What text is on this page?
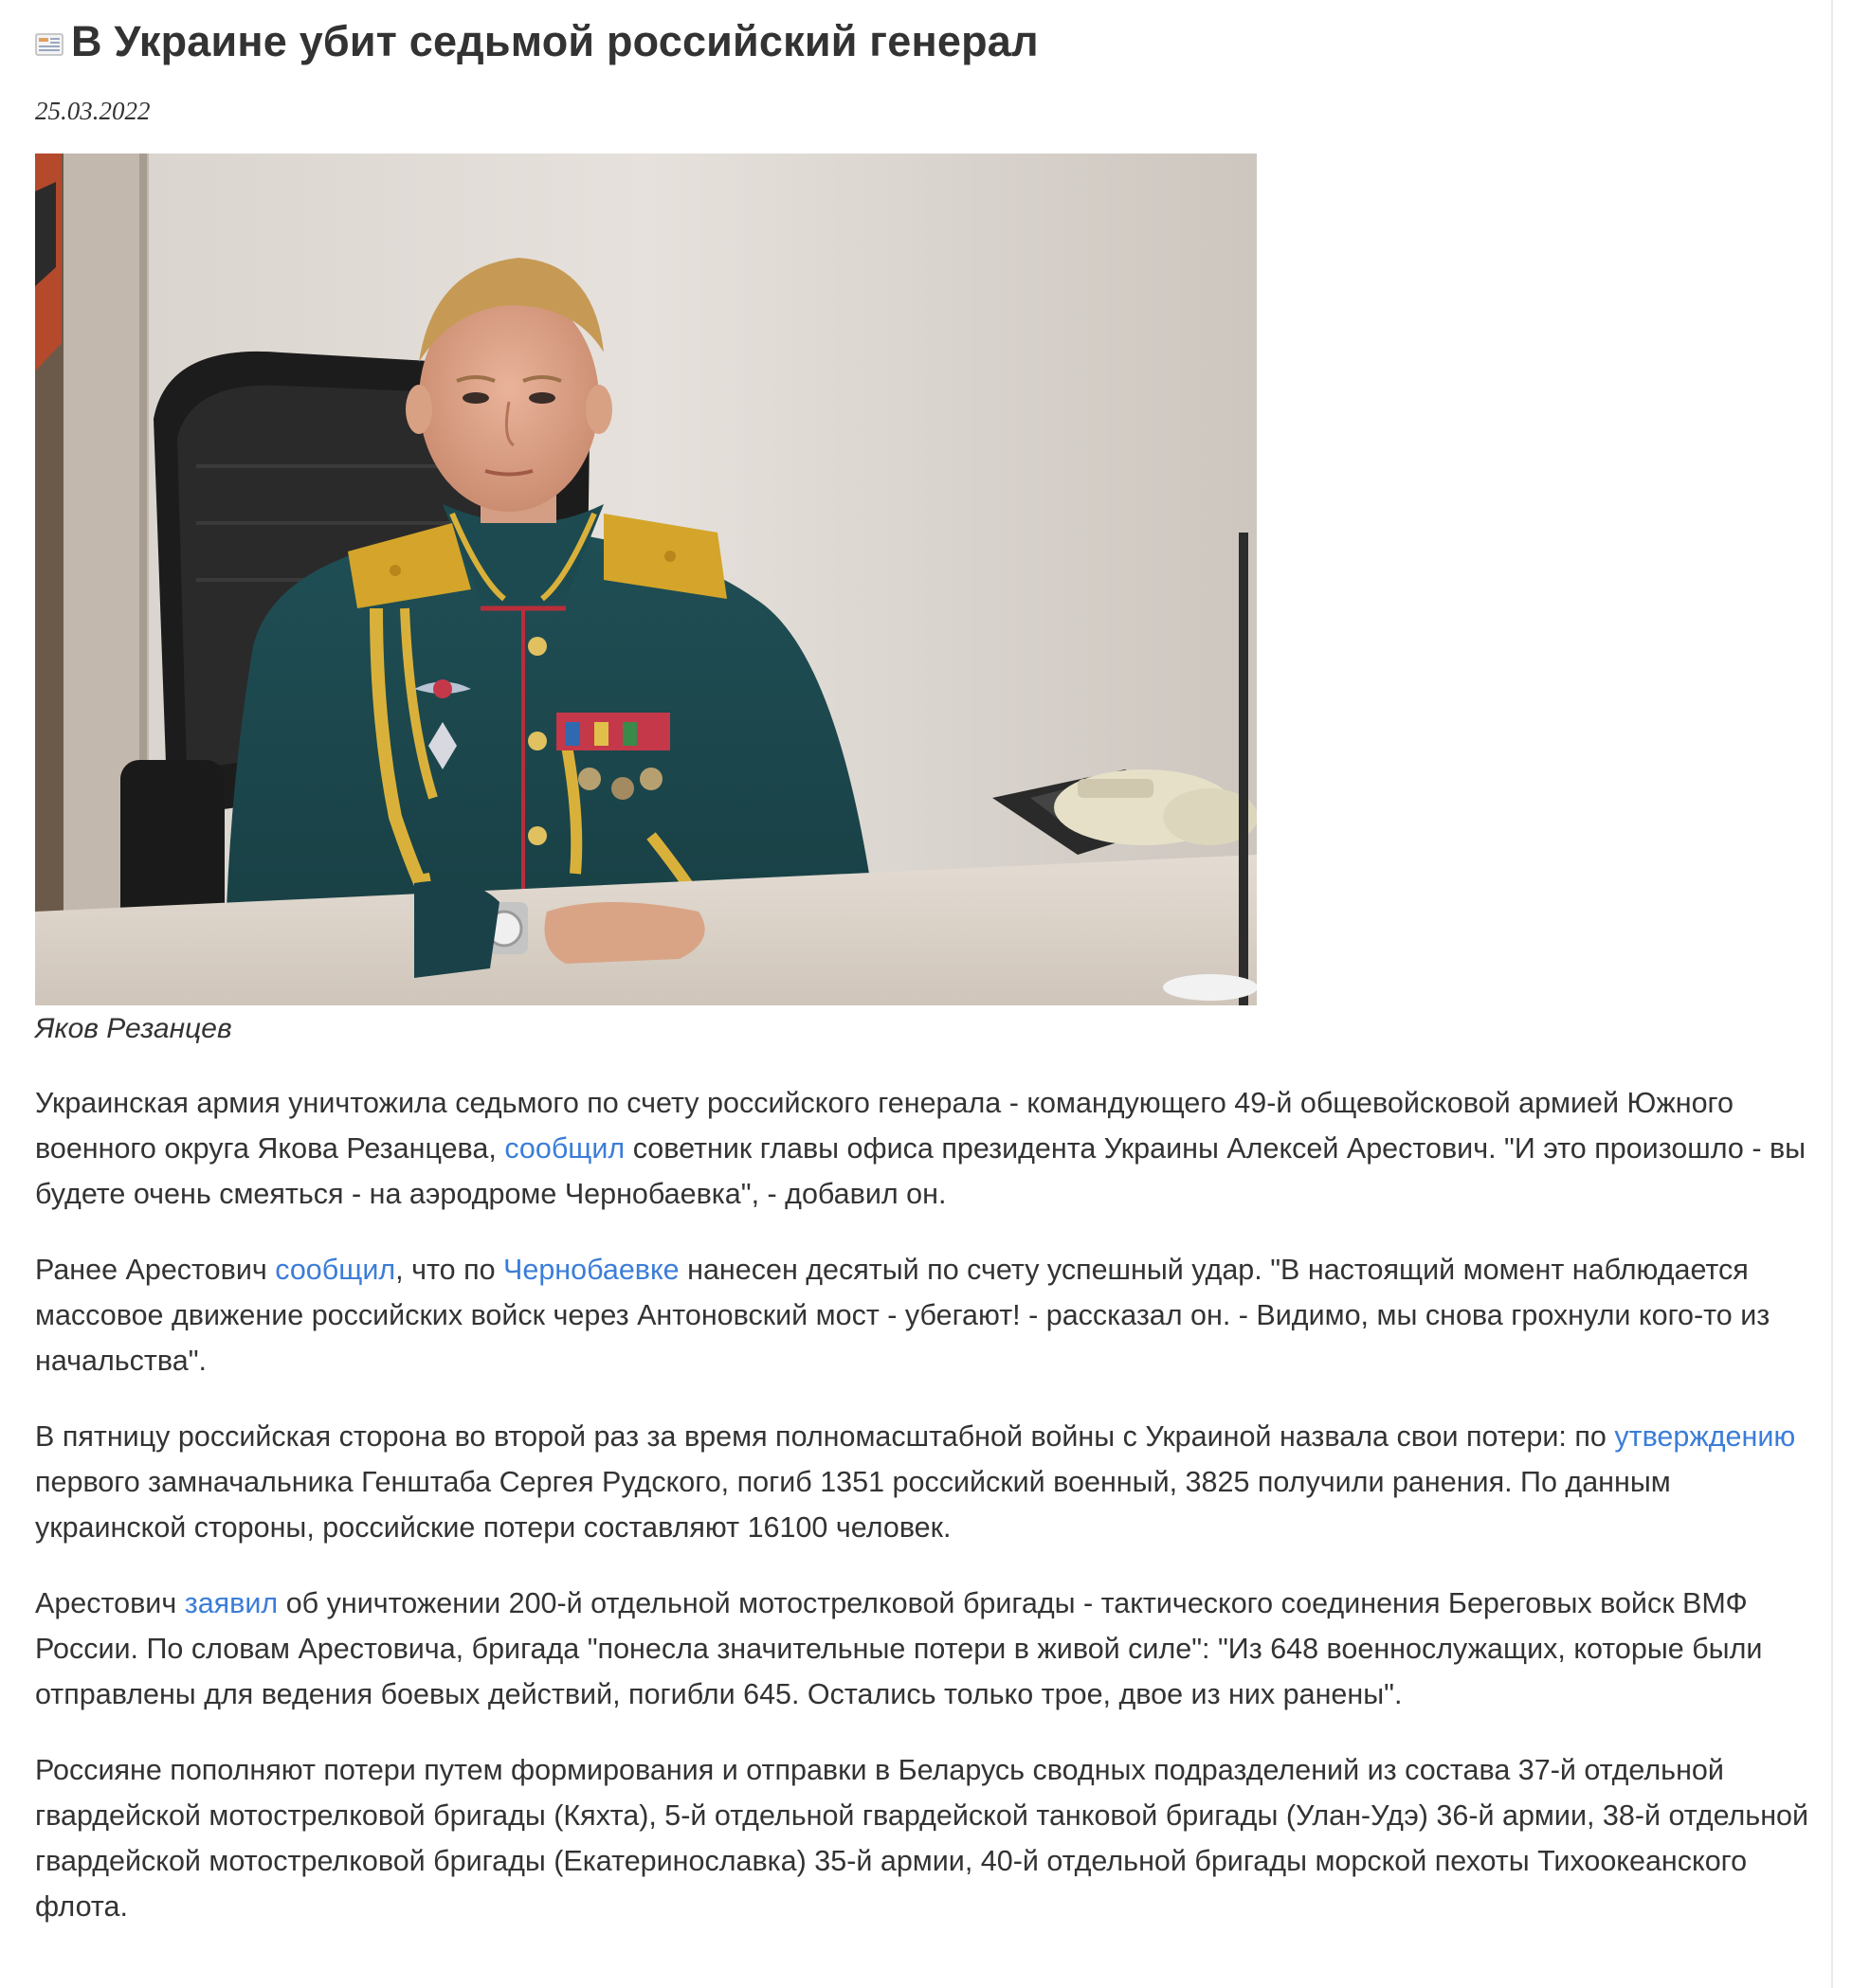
В Украине убит седьмой российский генерал
25.03.2022
Яков Резанцев

Украинская армия уничтожила седьмого по счету российского генерала - командующего 49-й общевойсковой армией Южного военного округа Якова Резанцева, сообщил советник главы офиса президента Украины Алексей Арестович. "И это произошло - вы будете очень смеяться - на аэродроме Чернобаевка", - добавил он.

Ранее Арестович сообщил, что по Чернобаевке нанесен десятый по счету успешный удар. "В настоящий момент наблюдается массовое движение российских войск через Антоновский мост - убегают! - рассказал он. - Видимо, мы снова грохнули кого-то из начальства".

В пятницу российская сторона во второй раз за время полномасштабной войны с Украиной назвала свои потери: по утверждению первого замначальника Генштаба Сергея Рудского, погиб 1351 российский военный, 3825 получили ранения. По данным украинской стороны, российские потери составляют 16100 человек.

Арестович заявил об уничтожении 200-й отдельной мотострелковой бригады - тактического соединения Береговых войск ВМФ России. По словам Арестовича, бригада "понесла значительные потери в живой силе": "Из 648 военнослужащих, которые были отправлены для ведения боевых действий, погибли 645. Остались только трое, двое из них ранены".

Россияне пополняют потери путем формирования и отправки в Беларусь сводных подразделений из состава 37-й отдельной гвардейской мотострелковой бригады (Кяхта), 5-й отдельной гвардейской танковой бригады (Улан-Удэ) 36-й армии, 38-й отдельной гвардейской мотострелковой бригады (Екатеринославка) 35-й армии, 40-й отдельной бригады морской пехоты Тихоокеанского флота.
